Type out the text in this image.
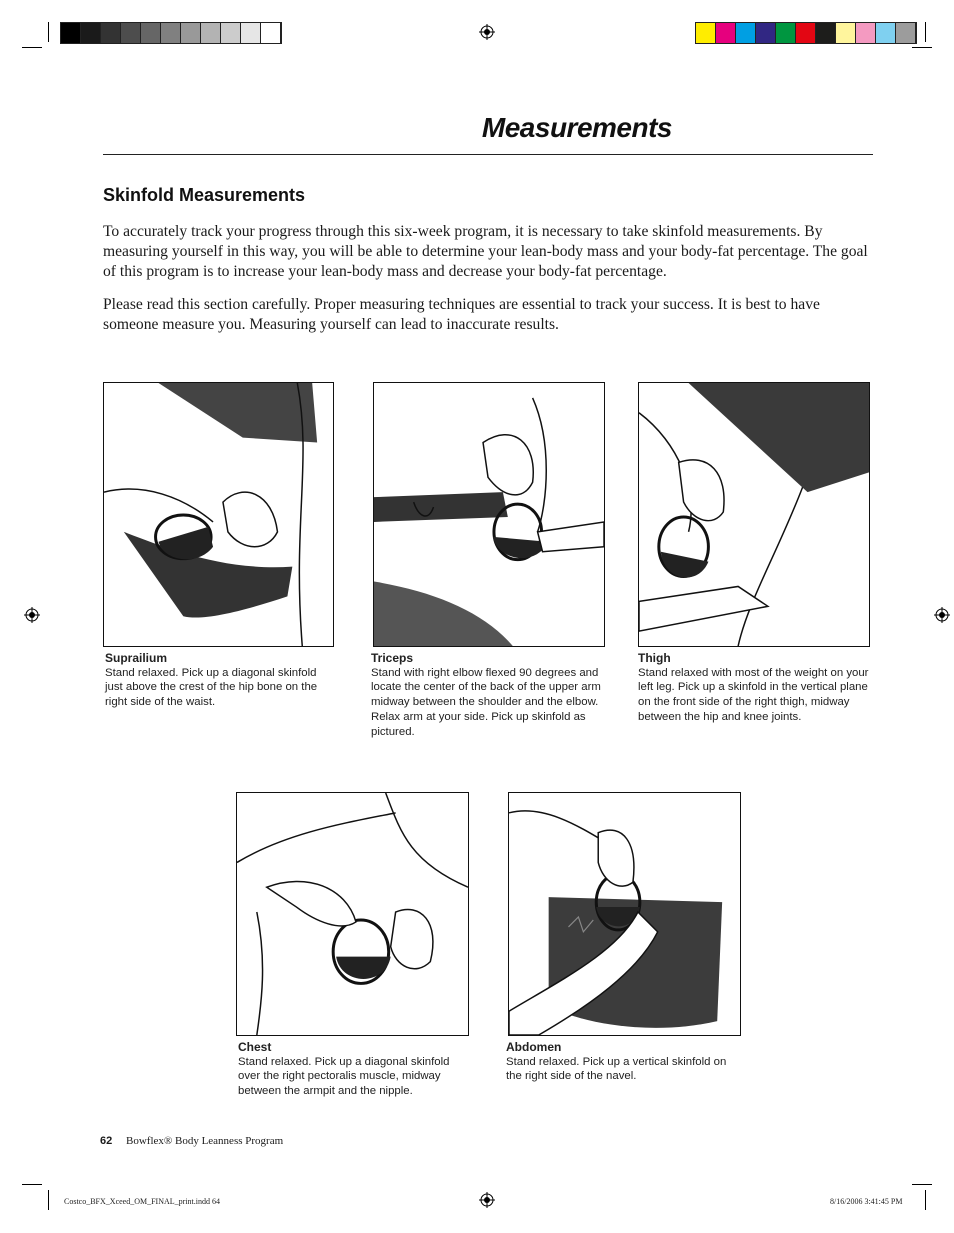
Measurements
Skinfold Measurements
To accurately track your progress through this six-week program, it is necessary to take skinfold measurements. By measuring yourself in this way, you will be able to determine your lean-body mass and your body-fat percentage. The goal of this program is to increase your lean-body mass and decrease your body-fat percentage.
Please read this section carefully. Proper measuring techniques are essential to track your success. It is best to have someone measure you. Measuring yourself can lead to inaccurate results.
Suprailium
Stand relaxed. Pick up a diagonal skinfold just above the crest of the hip bone on the right side of the waist.
Triceps
Stand with right elbow flexed 90 degrees and locate the center of the back of the upper arm midway between the shoulder and the elbow. Relax arm at your side. Pick up skinfold as pictured.
Thigh
Stand relaxed with most of the weight on your left leg. Pick up a skinfold in the vertical plane on the front side of the right thigh, midway between the hip and knee joints.
Chest
Stand relaxed. Pick up a diagonal skinfold over the right pectoralis muscle, midway between the armpit and the nipple.
Abdomen
Stand relaxed. Pick up a vertical skinfold on the right side of the navel.
62 Bowflex® Body Leanness Program
Costco_BFX_Xceed_OM_FINAL_print.indd 64	8/16/2006 3:41:45 PM
